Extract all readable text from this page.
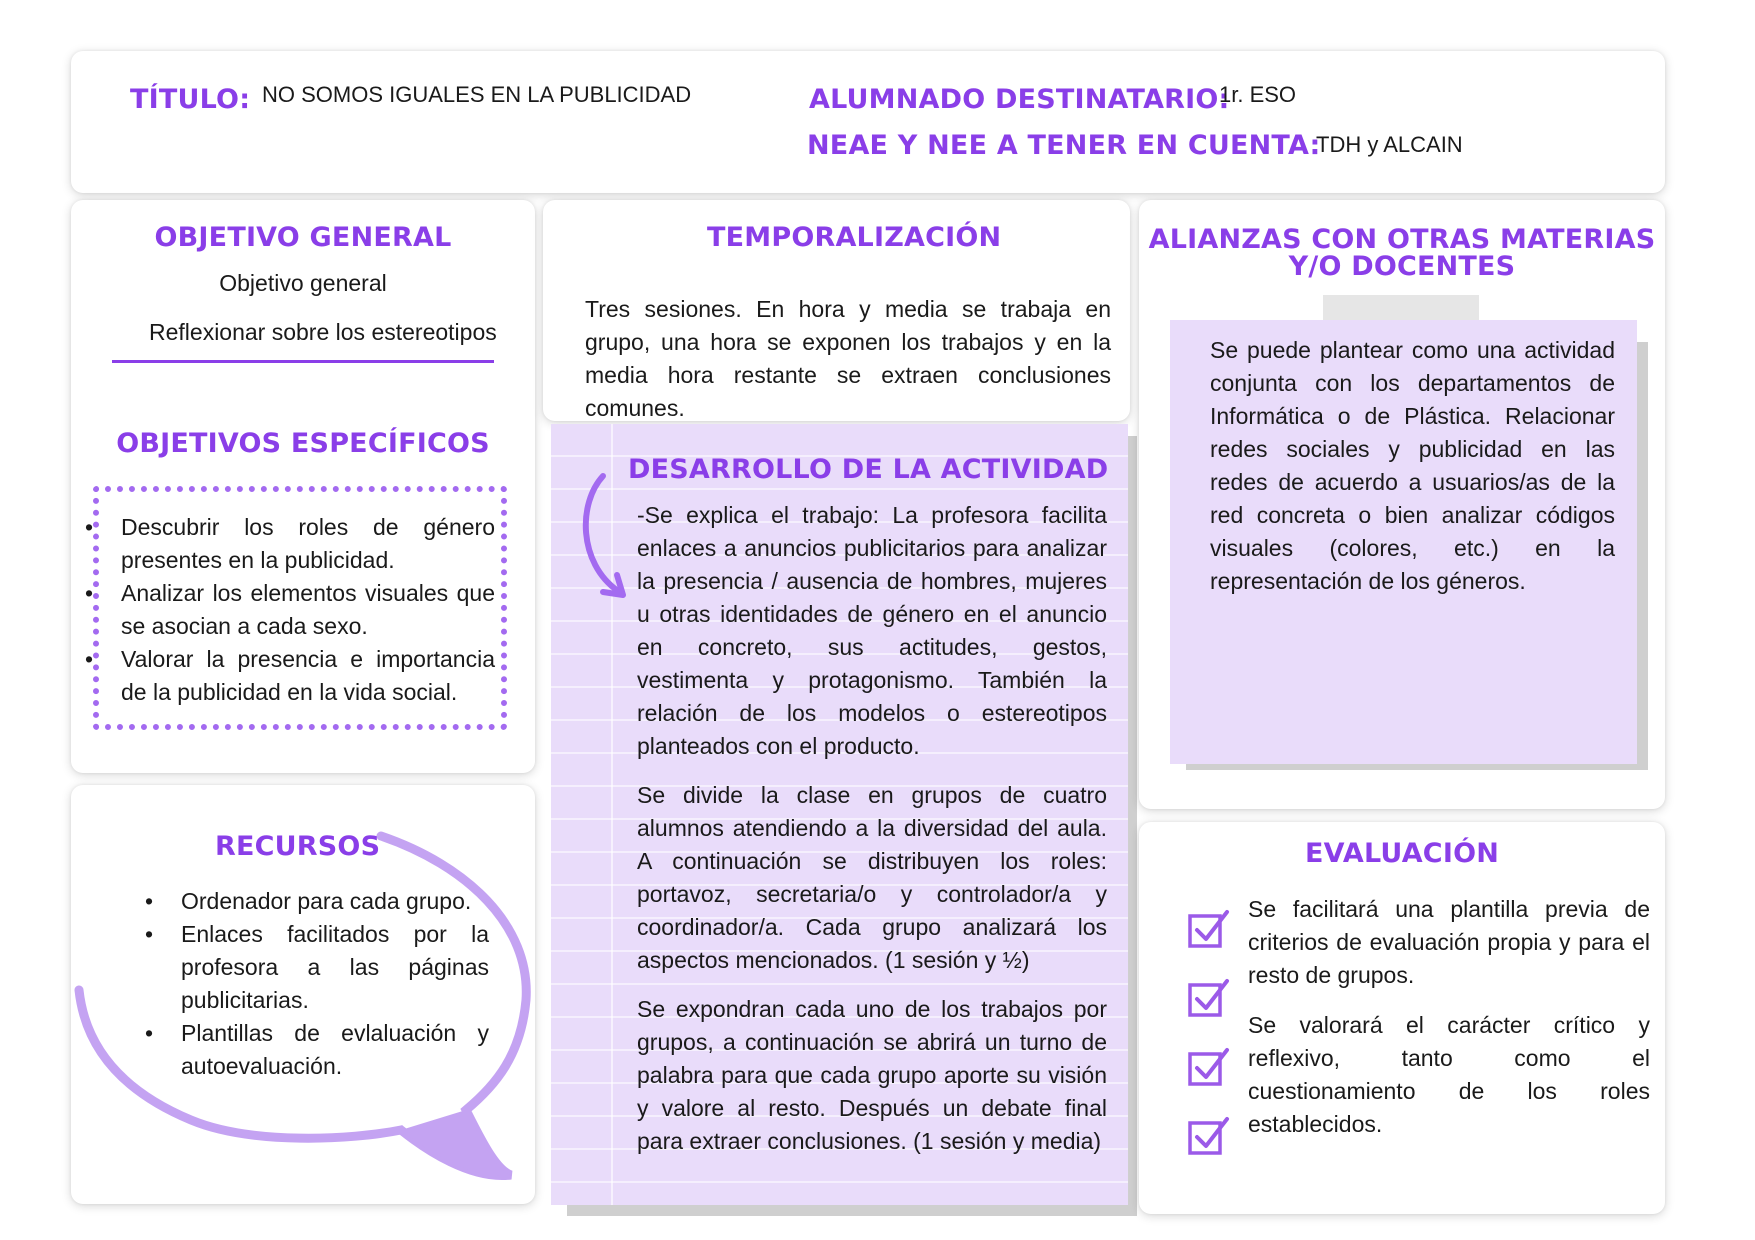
TÍTULO: NO SOMOS IGUALES EN LA PUBLICIDAD	ALUMNADO DESTINATARIO:
1r. ESO
NEAE Y NEE A TENER EN CUENTA:
TDH y ALCAIN
OBJETIVO GENERAL
Objetivo general
Reflexionar sobre los estereotipos
OBJETIVOS ESPECÍFICOS
• Descubrir los roles de género presentes en la publicidad.
• Analizar los elementos visuales que se asocian a cada sexo.
• Valorar la presencia e importancia de la publicidad en la vida social.
RECURSOS
• Ordenador para cada grupo.
• Enlaces facilitados por la profesora a las páginas publicitarias.
• Plantillas de evlaluación y autoevaluación.
TEMPORALIZACIÓN
Tres sesiones. En hora y media se trabaja en grupo, una hora se exponen los trabajos y en la media hora restante se extraen conclusiones comunes.
DESARROLLO DE LA ACTIVIDAD

-Se explica el trabajo: La profesora facilita enlaces a anuncios publicitarios para analizar la presencia / ausencia de hombres, mujeres u otras identidades de género en el anuncio en concreto, sus actitudes, gestos, vestimenta y protagonismo. También la relación de los modelos o estereotipos planteados con el producto.

Se divide la clase en grupos de cuatro alumnos atendiendo a la diversidad del aula. A continuación se distribuyen los roles: portavoz, secretaria/o y controlador/a y coordinador/a. Cada grupo analizará los aspectos mencionados. (1 sesión y ½)

Se expondran cada uno de los trabajos por grupos, a continuación se abrirá un turno de palabra para que cada grupo aporte su visión y valore al resto. Después un debate final para extraer conclusiones. (1 sesión y media)

ALIANZAS CON OTRAS MATERIAS
Y/O DOCENTES
Se puede plantear como una actividad conjunta con los departamentos de Informática o de Plástica. Relacionar redes sociales y publicidad en las redes de acuerdo a usuarios/as de la red concreta o bien analizar códigos visuales (colores, etc.) en la representación de los géneros.
EVALUACIÓN

Se facilitará una plantilla previa de criterios de evaluación propia y para el resto de grupos.

Se valorará el carácter crítico y reflexivo, tanto como el cuestionamiento de los roles establecidos.
